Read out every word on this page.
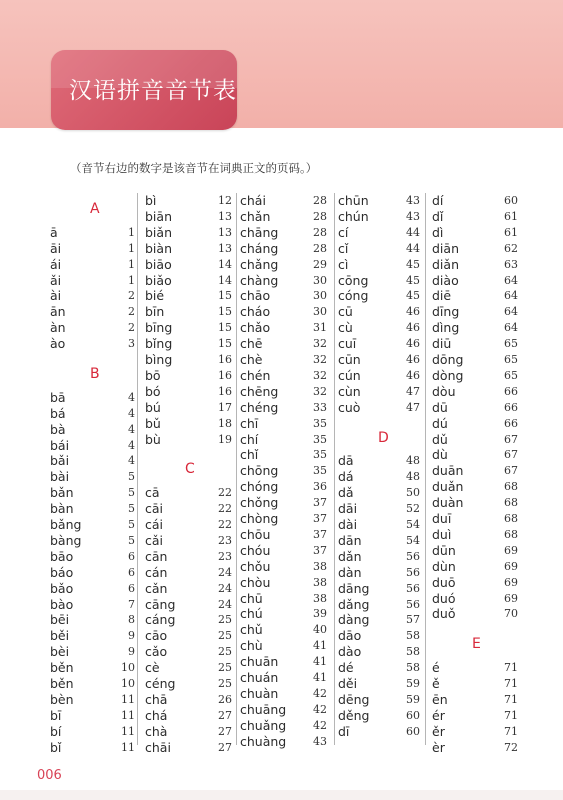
汉语拼音音节表
（音节右边的数字是该音节在词典正文的页码。）
A
ā	1
āi	1
ái	1
ǎi	1
ài	2
ān	2
àn	2
ào	3
B
bā	4
bá	4
bà	4
bái	4
bǎi	4
bài	5
bǎn	5
bàn	5
bǎng	5
bàng	5
bāo	6
báo	6
bǎo	6
bào	7
bēi	8
běi	9
bèi	9
běn	10
běn	10
bèn	11
bī	11
bí	11
bǐ	11
bì	12
biān	13
biǎn	13
biàn	13
biāo	14
biǎo	14
bié	15
bīn	15
bīng	15
bǐng	15
bìng	16
bō	16
bó	16
bú	17
bǔ	18
bù	19
C
cā	22
cāi	22
cái	22
cǎi	23
cān	23
cán	24
cǎn	24
cāng	24
cáng	25
cāo	25
cǎo	25
cè	25
céng	25
chā	26
chá	27
chà	27
chāi	27
chái	28
chǎn	28
chāng	28
cháng	28
chǎng	29
chàng	30
chāo	30
cháo	30
chǎo	31
chē	32
chè	32
chén	32
chēng	32
chéng	33
chī	35
chí	35
chǐ	35
chōng	35
chóng	36
chǒng	37
chòng	37
chōu	37
chóu	37
chǒu	38
chòu	38
chū	38
chú	39
chǔ	40
chù	41
chuān	41
chuán	41
chuàn	42
chuāng 42
chuǎng 42
chuàng 43
chūn	43
chún	43
cí	44
cǐ	44
cì	45
cōng	45
cóng	45
cū	46
cù	46
cuī	46
cūn	46
cún	46
cùn	47
cuò	47
D
dā	48
dá	48
dǎ	50
dāi	52
dài	54
dān	54
dǎn	56
dàn	56
dāng	56
dǎng	56
dàng	57
dāo	58
dào	58
dé	58
děi	59
dēng	59
děng	60
dī	60
dí	60
dǐ	61
dì	61
diān	62
diǎn	63
diào	64
diē	64
dīng	64
dìng	64
diū	65
dōng	65
dòng	65
dòu	66
dū	66
dú	66
dǔ	67
dù	67
duān	67
duǎn	68
duàn	68
duī	68
duì	68
dūn	69
dùn	69
duō	69
duó	69
duǒ	70
E
é	71
ě	71
ēn	71
ér	71
ěr	71
èr	72
006
